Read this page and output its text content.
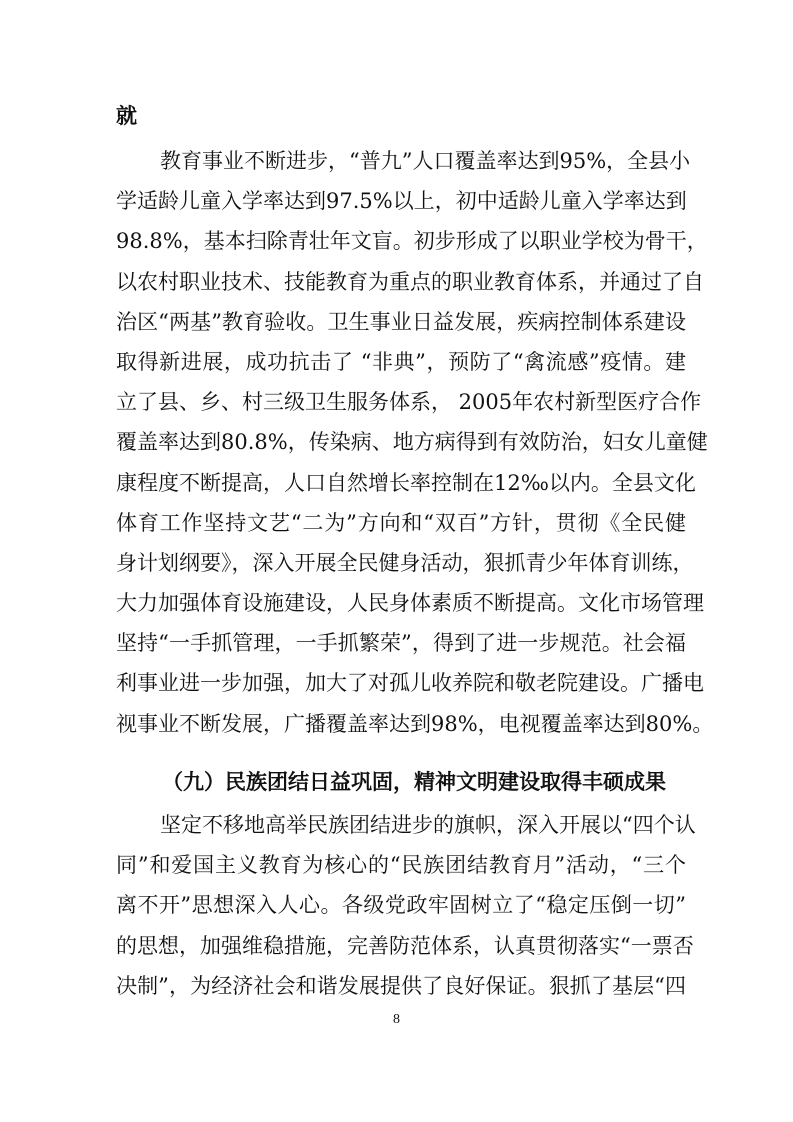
就
教育事业不断进步，“普九”人口覆盖率达到95%，全县小
学适龄儿童入学率达到97.5%以上，初中适龄儿童入学率达到
98.8%，基本扫除青壮年文盲。初步形成了以职业学校为骨干，
以农村职业技术、技能教育为重点的职业教育体系，并通过了自
治区“两基”教育验收。卫生事业日益发展，疾病控制体系建设
取得新进展，成功抗击了 “非典”，预防了“禽流感”疫情。建
立了县、乡、村三级卫生服务体系， 2005年农村新型医疗合作
覆盖率达到80.8%，传染病、地方病得到有效防治，妇女儿童健
康程度不断提高，人口自然增长率控制在12‰以内。全县文化
体育工作坚持文艺“二为”方向和“双百”方针，贯彻《全民健
身计划纲要》，深入开展全民健身活动，狠抓青少年体育训练，
大力加强体育设施建设，人民身体素质不断提高。文化市场管理
坚持“一手抓管理，一手抓繁荣”，得到了进一步规范。社会福
利事业进一步加强，加大了对孤儿收养院和敬老院建设。广播电
视事业不断发展，广播覆盖率达到98%，电视覆盖率达到80%。
（九）民族团结日益巩固，精神文明建设取得丰硕成果
坚定不移地高举民族团结进步的旗帜，深入开展以“四个认
同”和爱国主义教育为核心的“民族团结教育月”活动，“三个
离不开”思想深入人心。各级党政牢固树立了“稳定压倒一切”
的思想，加强维稳措施，完善防范体系，认真贯彻落实“一票否
决制”，为经济社会和谐发展提供了良好保证。狠抓了基层“四
8
